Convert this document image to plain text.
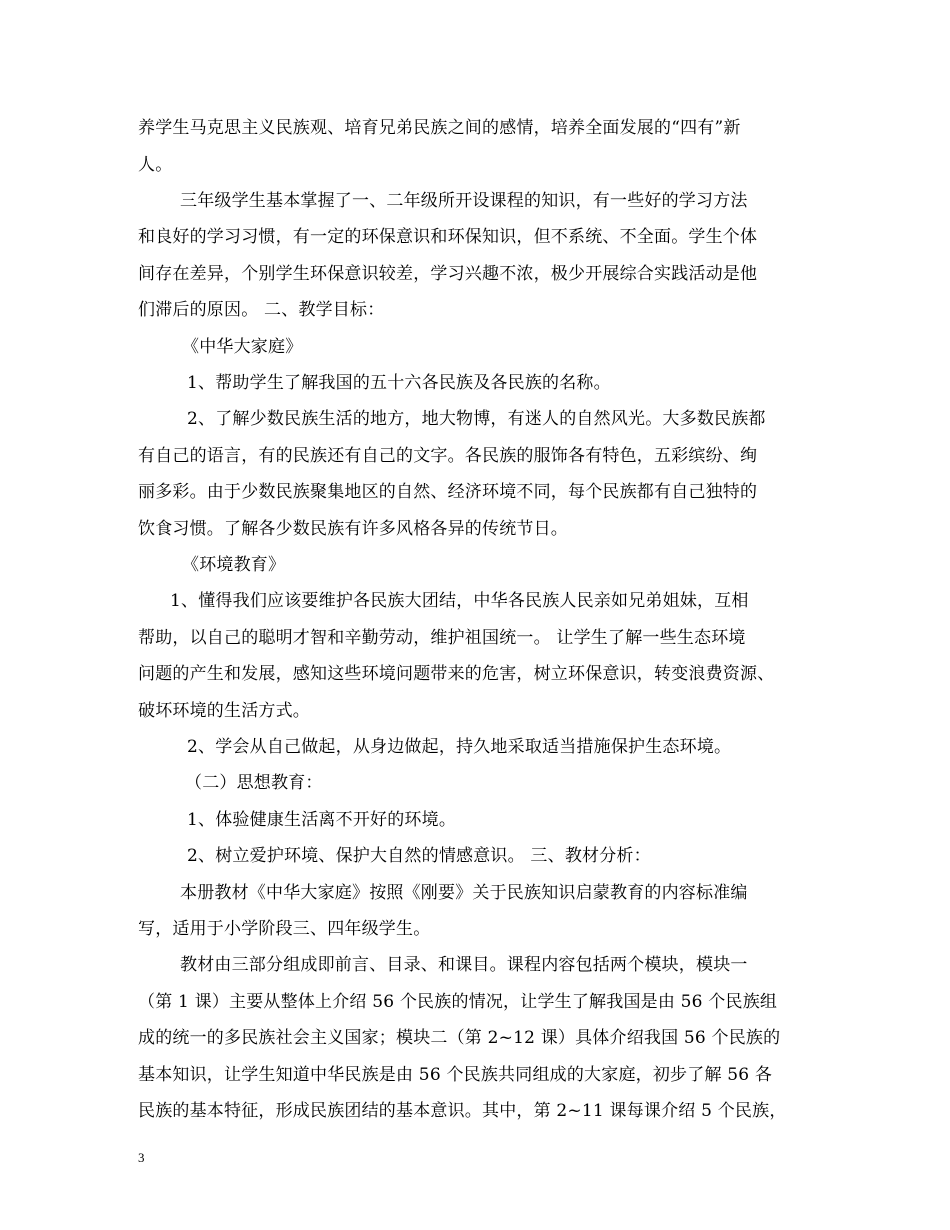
养学生马克思主义民族观、培育兄弟民族之间的感情，培养全面发展的“四有”新
人。
三年级学生基本掌握了一、二年级所开设课程的知识，有一些好的学习方法
和良好的学习习惯，有一定的环保意识和环保知识，但不系统、不全面。学生个体
间存在差异，个别学生环保意识较差，学习兴趣不浓，极少开展综合实践活动是他
们滞后的原因。 二、教学目标：
《中华大家庭》
1、帮助学生了解我国的五十六各民族及各民族的名称。
2、了解少数民族生活的地方，地大物博，有迷人的自然风光。大多数民族都
有自己的语言，有的民族还有自己的文字。各民族的服饰各有特色，五彩缤纷、绚
丽多彩。由于少数民族聚集地区的自然、经济环境不同，每个民族都有自己独特的
饮食习惯。了解各少数民族有许多风格各异的传统节日。
《环境教育》
1、懂得我们应该要维护各民族大团结，中华各民族人民亲如兄弟姐妹，互相
帮助，以自己的聪明才智和辛勤劳动，维护祖国统一。 让学生了解一些生态环境
问题的产生和发展，感知这些环境问题带来的危害，树立环保意识，转变浪费资源、
破坏环境的生活方式。
2、学会从自己做起，从身边做起，持久地采取适当措施保护生态环境。
（二）思想教育：
1、体验健康生活离不开好的环境。
2、树立爱护环境、保护大自然的情感意识。 三、教材分析：
本册教材《中华大家庭》按照《刚要》关于民族知识启蒙教育的内容标准编
写，适用于小学阶段三、四年级学生。
教材由三部分组成即前言、目录、和课目。课程内容包括两个模块，模块一
（第 1 课）主要从整体上介绍 56 个民族的情况，让学生了解我国是由 56 个民族组
成的统一的多民族社会主义国家；模块二（第 2~12 课）具体介绍我国 56 个民族的
基本知识，让学生知道中华民族是由 56 个民族共同组成的大家庭，初步了解 56 各
民族的基本特征，形成民族团结的基本意识。其中，第 2~11 课每课介绍 5 个民族，
3
